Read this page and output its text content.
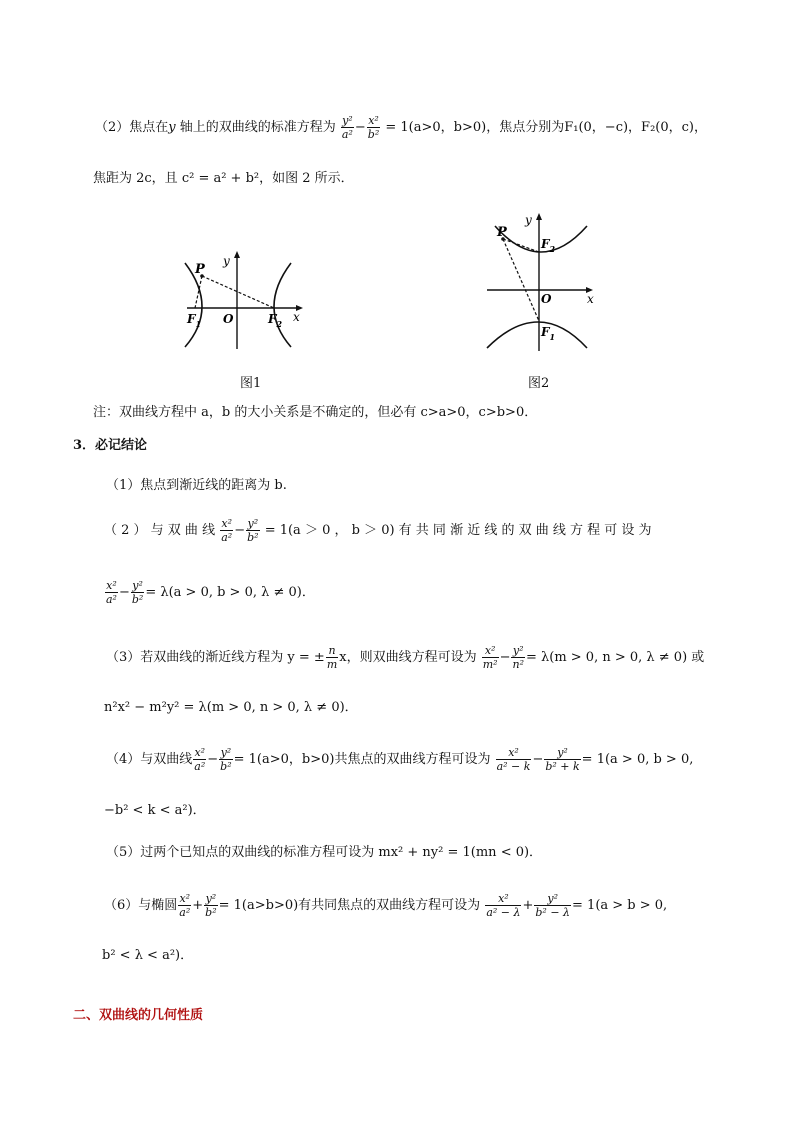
（2）焦点在y 轴上的双曲线的标准方程为 $\frac{\text{y²}}{\text{a²}} - \frac{\text{x²}}{\text{b²}} = 1(a>0$，b>0)，焦点分别为F₁(0，−c)，F₂(0，c)，
焦距为 2c，且 c² = a² + b²，如图 2 所示．
P
y
O	x
$F_1$	$F_2$
图1
P
y
O	x
$F_2$
$F_1$
图2
注：双曲线方程中 a，b 的大小关系是不确定的，但必有 c>a>0，c>b>0．
3．必记结论
（1）焦点到渐近线的距离为 b.
（ 2 ） 与 双 曲 线 $\frac{\text{x²}}{\text{a²}} - \frac{\text{y²}}{\text{b²}} = 1(a > 0$ ， b ＞ 0) 有 共 同 渐 近 线 的 双 曲 线 方 程 可 设 为
$\frac{\text{x²}}{\text{a²}} - \frac{\text{y²}}{\text{b²}} = \lambda(a > 0$, b > 0, λ ≠ 0)．
（3）若双曲线的渐近线方程为 y = ± $\frac{n}{m}$ x，则双曲线方程可设为 $\frac{\text{x²}}{\text{m²}} - \frac{\text{y²}}{\text{n²}} = \lambda(m > 0$, n > 0, λ ≠ 0) 或
n²x² − m²y² = λ(m > 0, n > 0, λ ≠ 0)．
（4）与双曲线 $\frac{\text{x²}}{\text{a²}} - \frac{\text{y²}}{\text{b²}} = 1(a>0$，b>0)共焦点的双曲线方程可设为 $\frac{\text{x²}}{\text{a² − k}} - \frac{\text{y²}}{\text{b² + k}} = 1(a > 0$, b > 0,
−b² < k < a²)．
（5）过两个已知点的双曲线的标准方程可设为 mx² + ny² = 1(mn < 0)．
（6）与椭圆 $\frac{\text{x²}}{\text{a²}} + \frac{\text{y²}}{\text{b²}} = 1(a>b>0)$有共同焦点的双曲线方程可设为 $\frac{\text{x²}}{\text{a² − λ}} + \frac{\text{y²}}{\text{b² − λ}} = 1(a > b > 0$,
b² < λ < a²)．
二、双曲线的几何性质
